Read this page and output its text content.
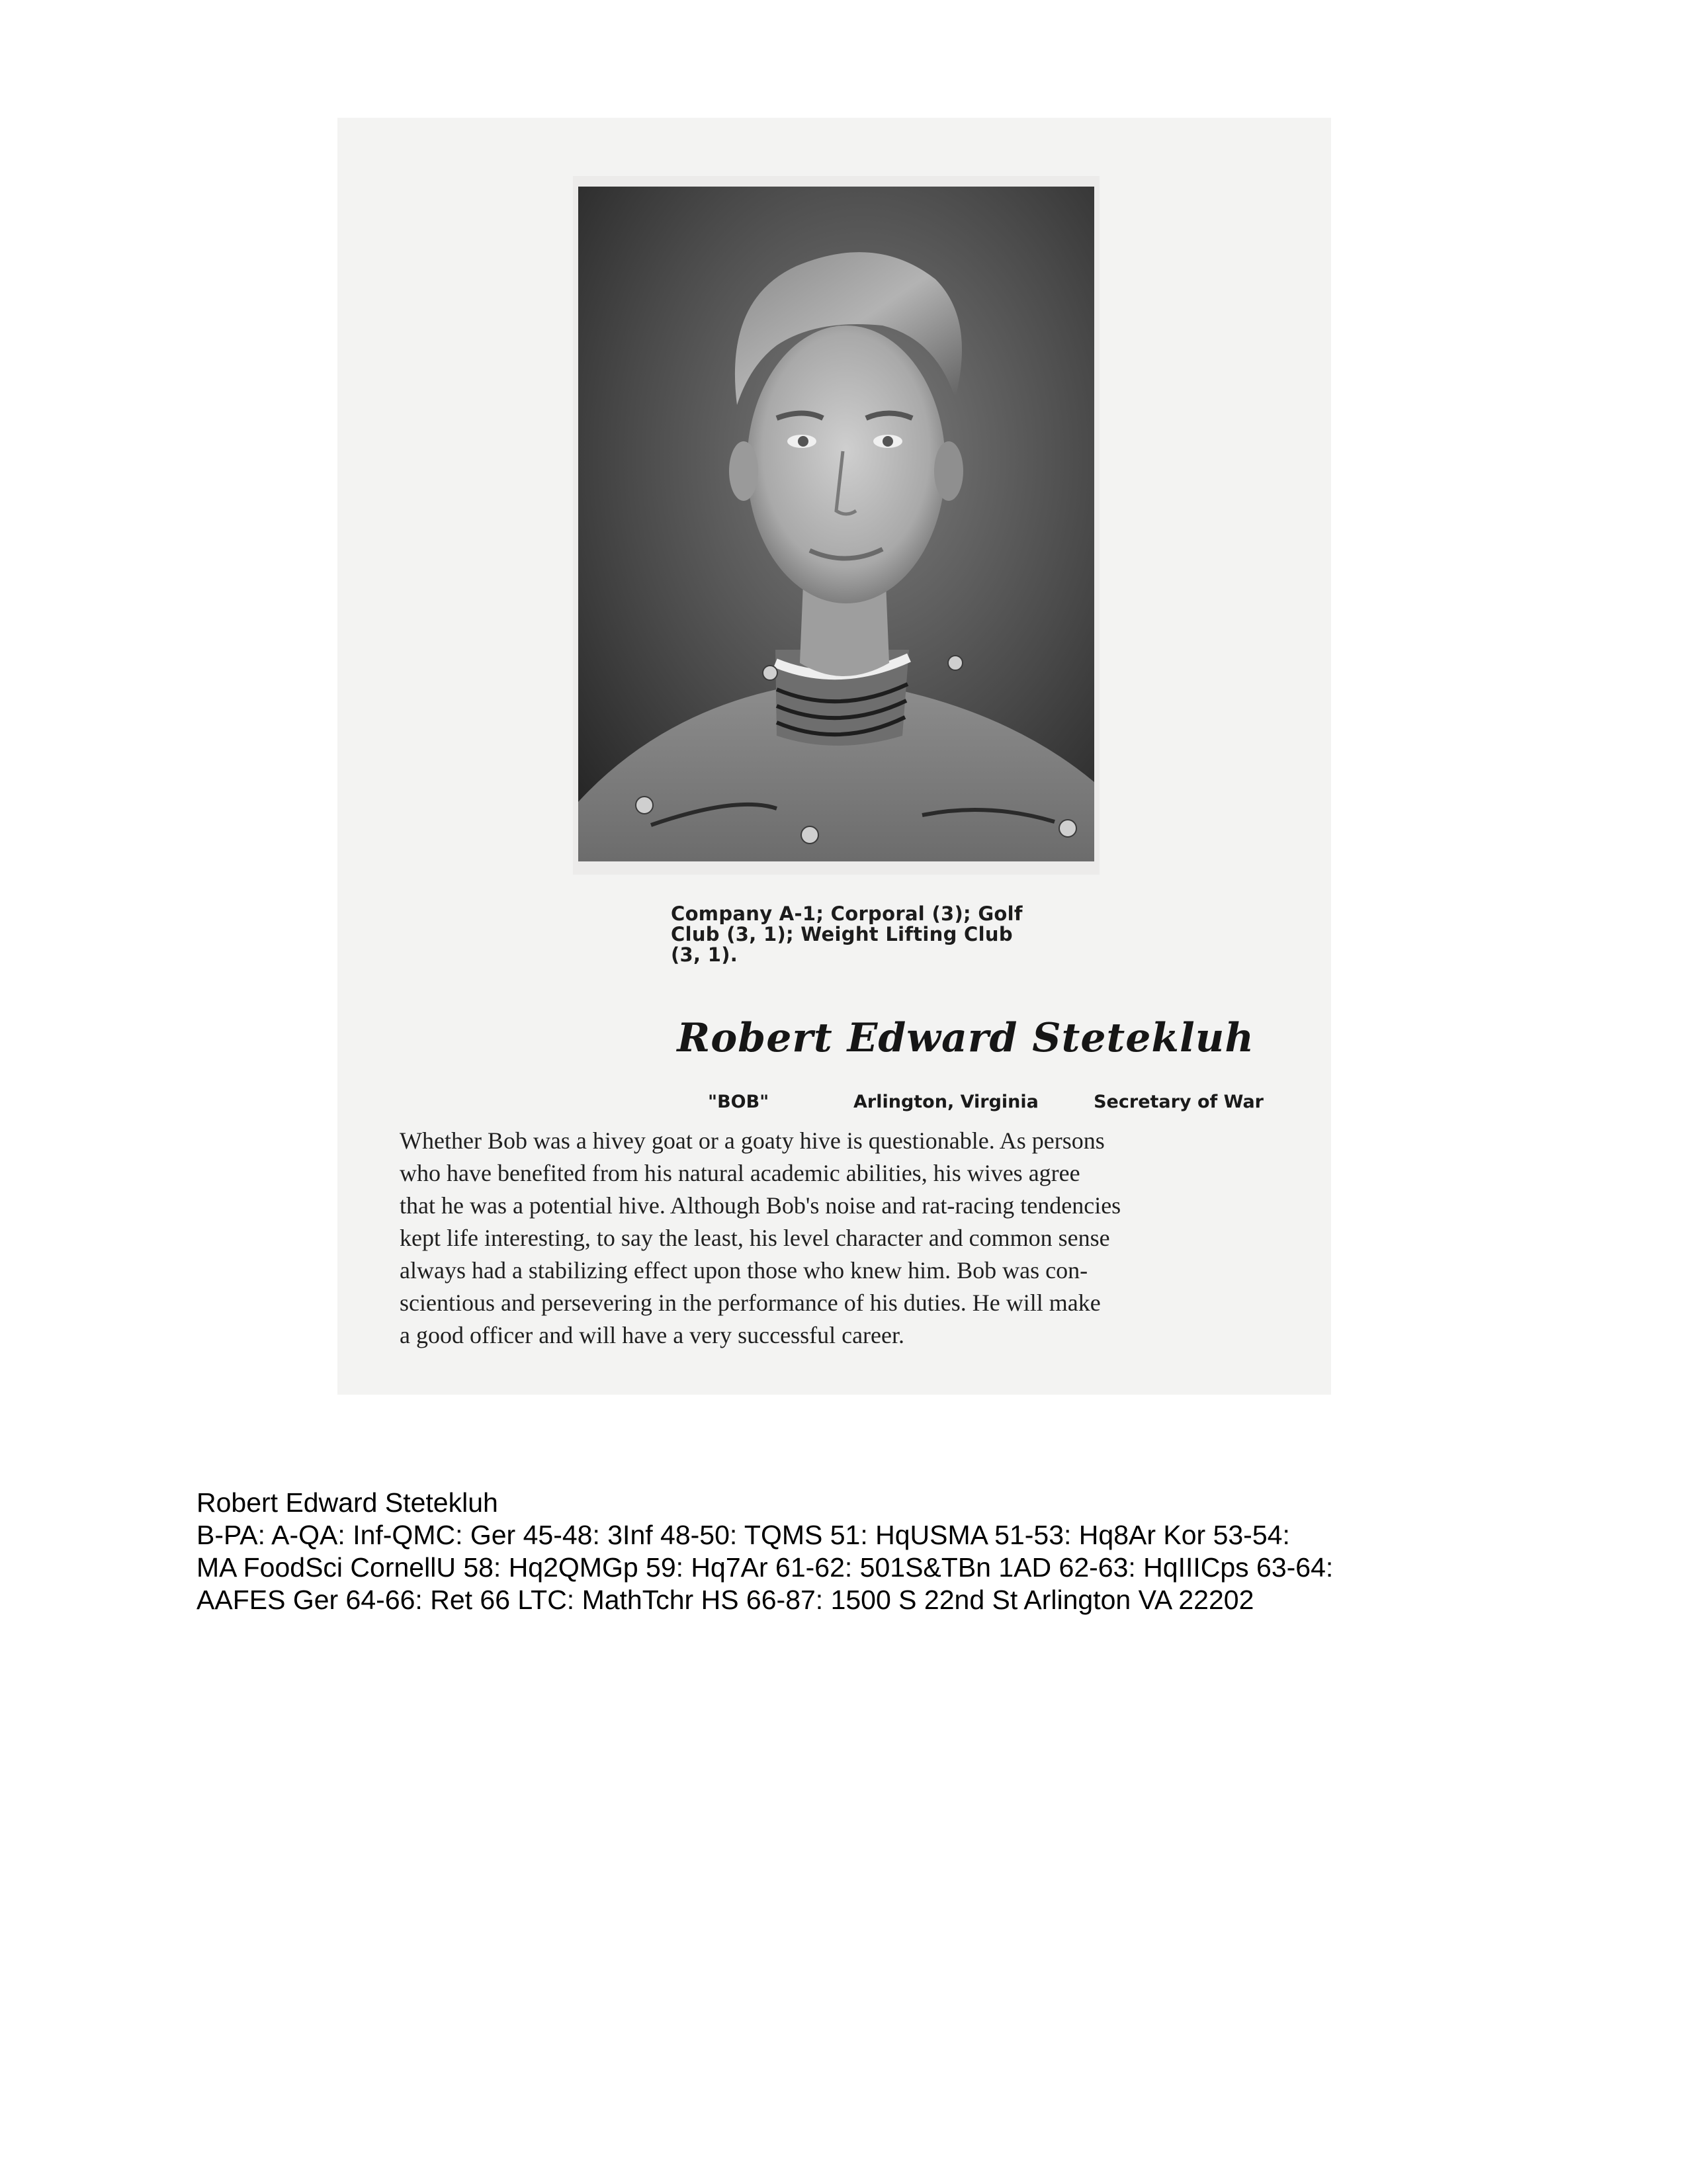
Company A-1; Corporal (3); Golf
Club (3, 1); Weight Lifting Club
(3, 1).
Robert Edward Stetekluh
"BOB"	Arlington, Virginia	Secretary of War
Whether Bob was a hivey goat or a goaty hive is questionable. As persons
who have benefited from his natural academic abilities, his wives agree
that he was a potential hive. Although Bob's noise and rat-racing tendencies
kept life interesting, to say the least, his level character and common sense
always had a stabilizing effect upon those who knew him. Bob was con-
scientious and persevering in the performance of his duties. He will make
a good officer and will have a very successful career.
Robert Edward Stetekluh
B-PA: A-QA: Inf-QMC: Ger 45-48: 3Inf 48-50: TQMS 51: HqUSMA 51-53: Hq8Ar Kor 53-54:
MA FoodSci CornellU 58: Hq2QMGp 59: Hq7Ar 61-62: 501S&TBn 1AD 62-63: HqIIICps 63-64:
AAFES Ger 64-66: Ret 66 LTC: MathTchr HS 66-87: 1500 S 22nd St Arlington VA 22202
